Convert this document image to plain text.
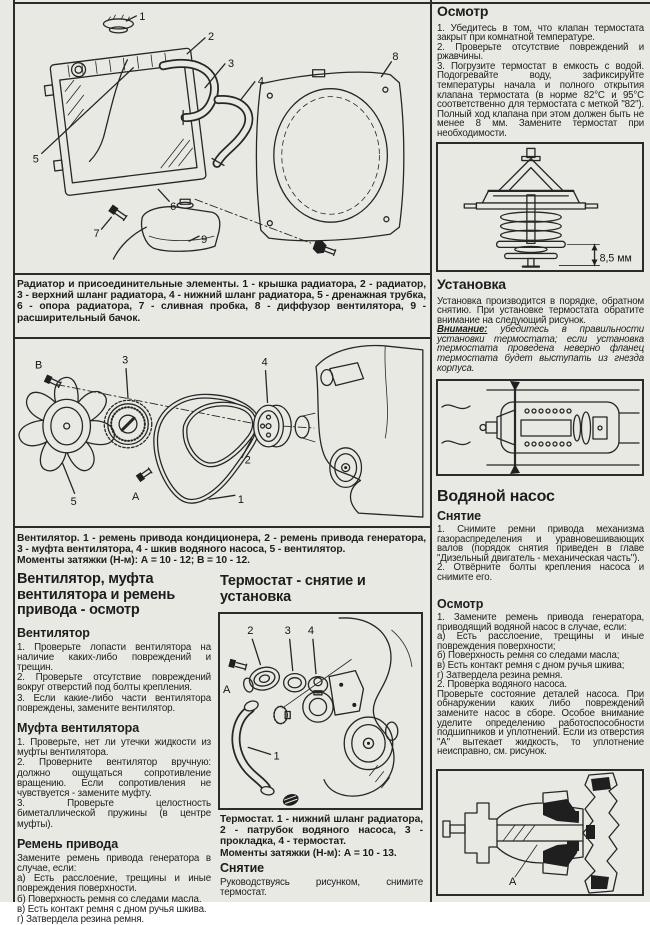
1
2
3
4
5
6
7
8
9
Радиатор и присоединительные элементы. 1 - крышка радиатора, 2 - радиатор, 3 - верхний шланг радиатора, 4 - нижний шланг радиатора, 5 - дренажная трубка, 6 - опора радиатора, 7 - сливная пробка, 8 - диффузор вентилятора, 9 - расширительный бачок.
B	3	4
2
1
A
5
Вентилятор. 1 - ремень привода кондиционера, 2 - ремень привода генератора, 3 - муфта вентилятора, 4 - шкив водяного насоса, 5 - вентилятор.
Моменты затяжки (Н-м): А = 10 - 12; В = 10 - 12.
Вентилятор, муфта вентилятора и ремень привода - осмотр
Вентилятор

1. Проверьте лопасти вентилятора на наличие каких-либо повреждений и трещин.

2. Проверьте отсутствие повреждений вокруг отверстий под болты крепления.

3. Если какие-либо части вентилятора повреждены, замените вентилятор.

Муфта вентилятора

1. Проверьте, нет ли утечки жидкости из муфты вентилятора.

2. Проверните вентилятор вручную: должно ощущаться сопротивление вращению. Если сопротивления не чувствуется - замените муфту.

3. Проверьте целостность биметаллической пружины (в центре муфты).

Ремень привода

Замените ремень привода генератора в случае, если:

а) Есть расслоение, трещины и иные повреждения поверхности.

б) Поверхность ремня со следами масла.

в) Есть контакт ремня с дном ручья шкива.

г) Затвердела резина ремня.

Термостат - снятие и установка
2	3 4
A
1
Термостат. 1 - нижний шланг радиатора, 2 - патрубок водяного насоса, 3 - прокладка, 4 - термостат.
Моменты затяжки (Н-м): А = 10 - 13.
Снятие

Руководствуясь рисунком, снимите термостат.

Осмотр

1. Убедитесь в том, что клапан термостата закрыт при комнатной температуре.

2. Проверьте отсутствие повреждений и ржавчины.

3. Погрузите термостат в емкость с водой. Подогревайте воду, зафиксируйте температуры начала и полного открытия клапана термостата (в норме 82°С и 95°С соответственно для термостата с меткой "82"). Полный ход клапана при этом должен быть не менее 8 мм. Замените термостат при необходимости.

8,5 мм
Установка

Установка производится в порядке, обратном снятию. При установке термостата обратите внимание на следующий рисунок.

Внимание: убедитесь в правильности установки термостата; если установка термостата проведена неверно фланец термостата будет выступать из гнезда корпуса.

Водяной насос
Снятие

1. Снимите ремни привода механизма газораспределения и уравновешивающих валов (порядок снятия приведен в главе "Дизельный двигатель - механическая часть").

2. Отвёрните болты крепления насоса и снимите его.

Осмотр

1. Замените ремень привода генератора, приводящий водяной насос в случае, если:

а) Есть расслоение, трещины и иные повреждения поверхности;

б) Поверхность ремня со следами масла;

в) Есть контакт ремня с дном ручья шкива;

г) Затвердела резина ремня.

2. Проверка водяного насоса.

Проверьте состояние деталей насоса. При обнаружении каких либо повреждений замените насос в сборе. Особое внимание уделите определению работоспособности подшипников и уплотнений. Если из отверстия "А" вытекает жидкость, то уплотнение неисправно, см. рисунок.

A
